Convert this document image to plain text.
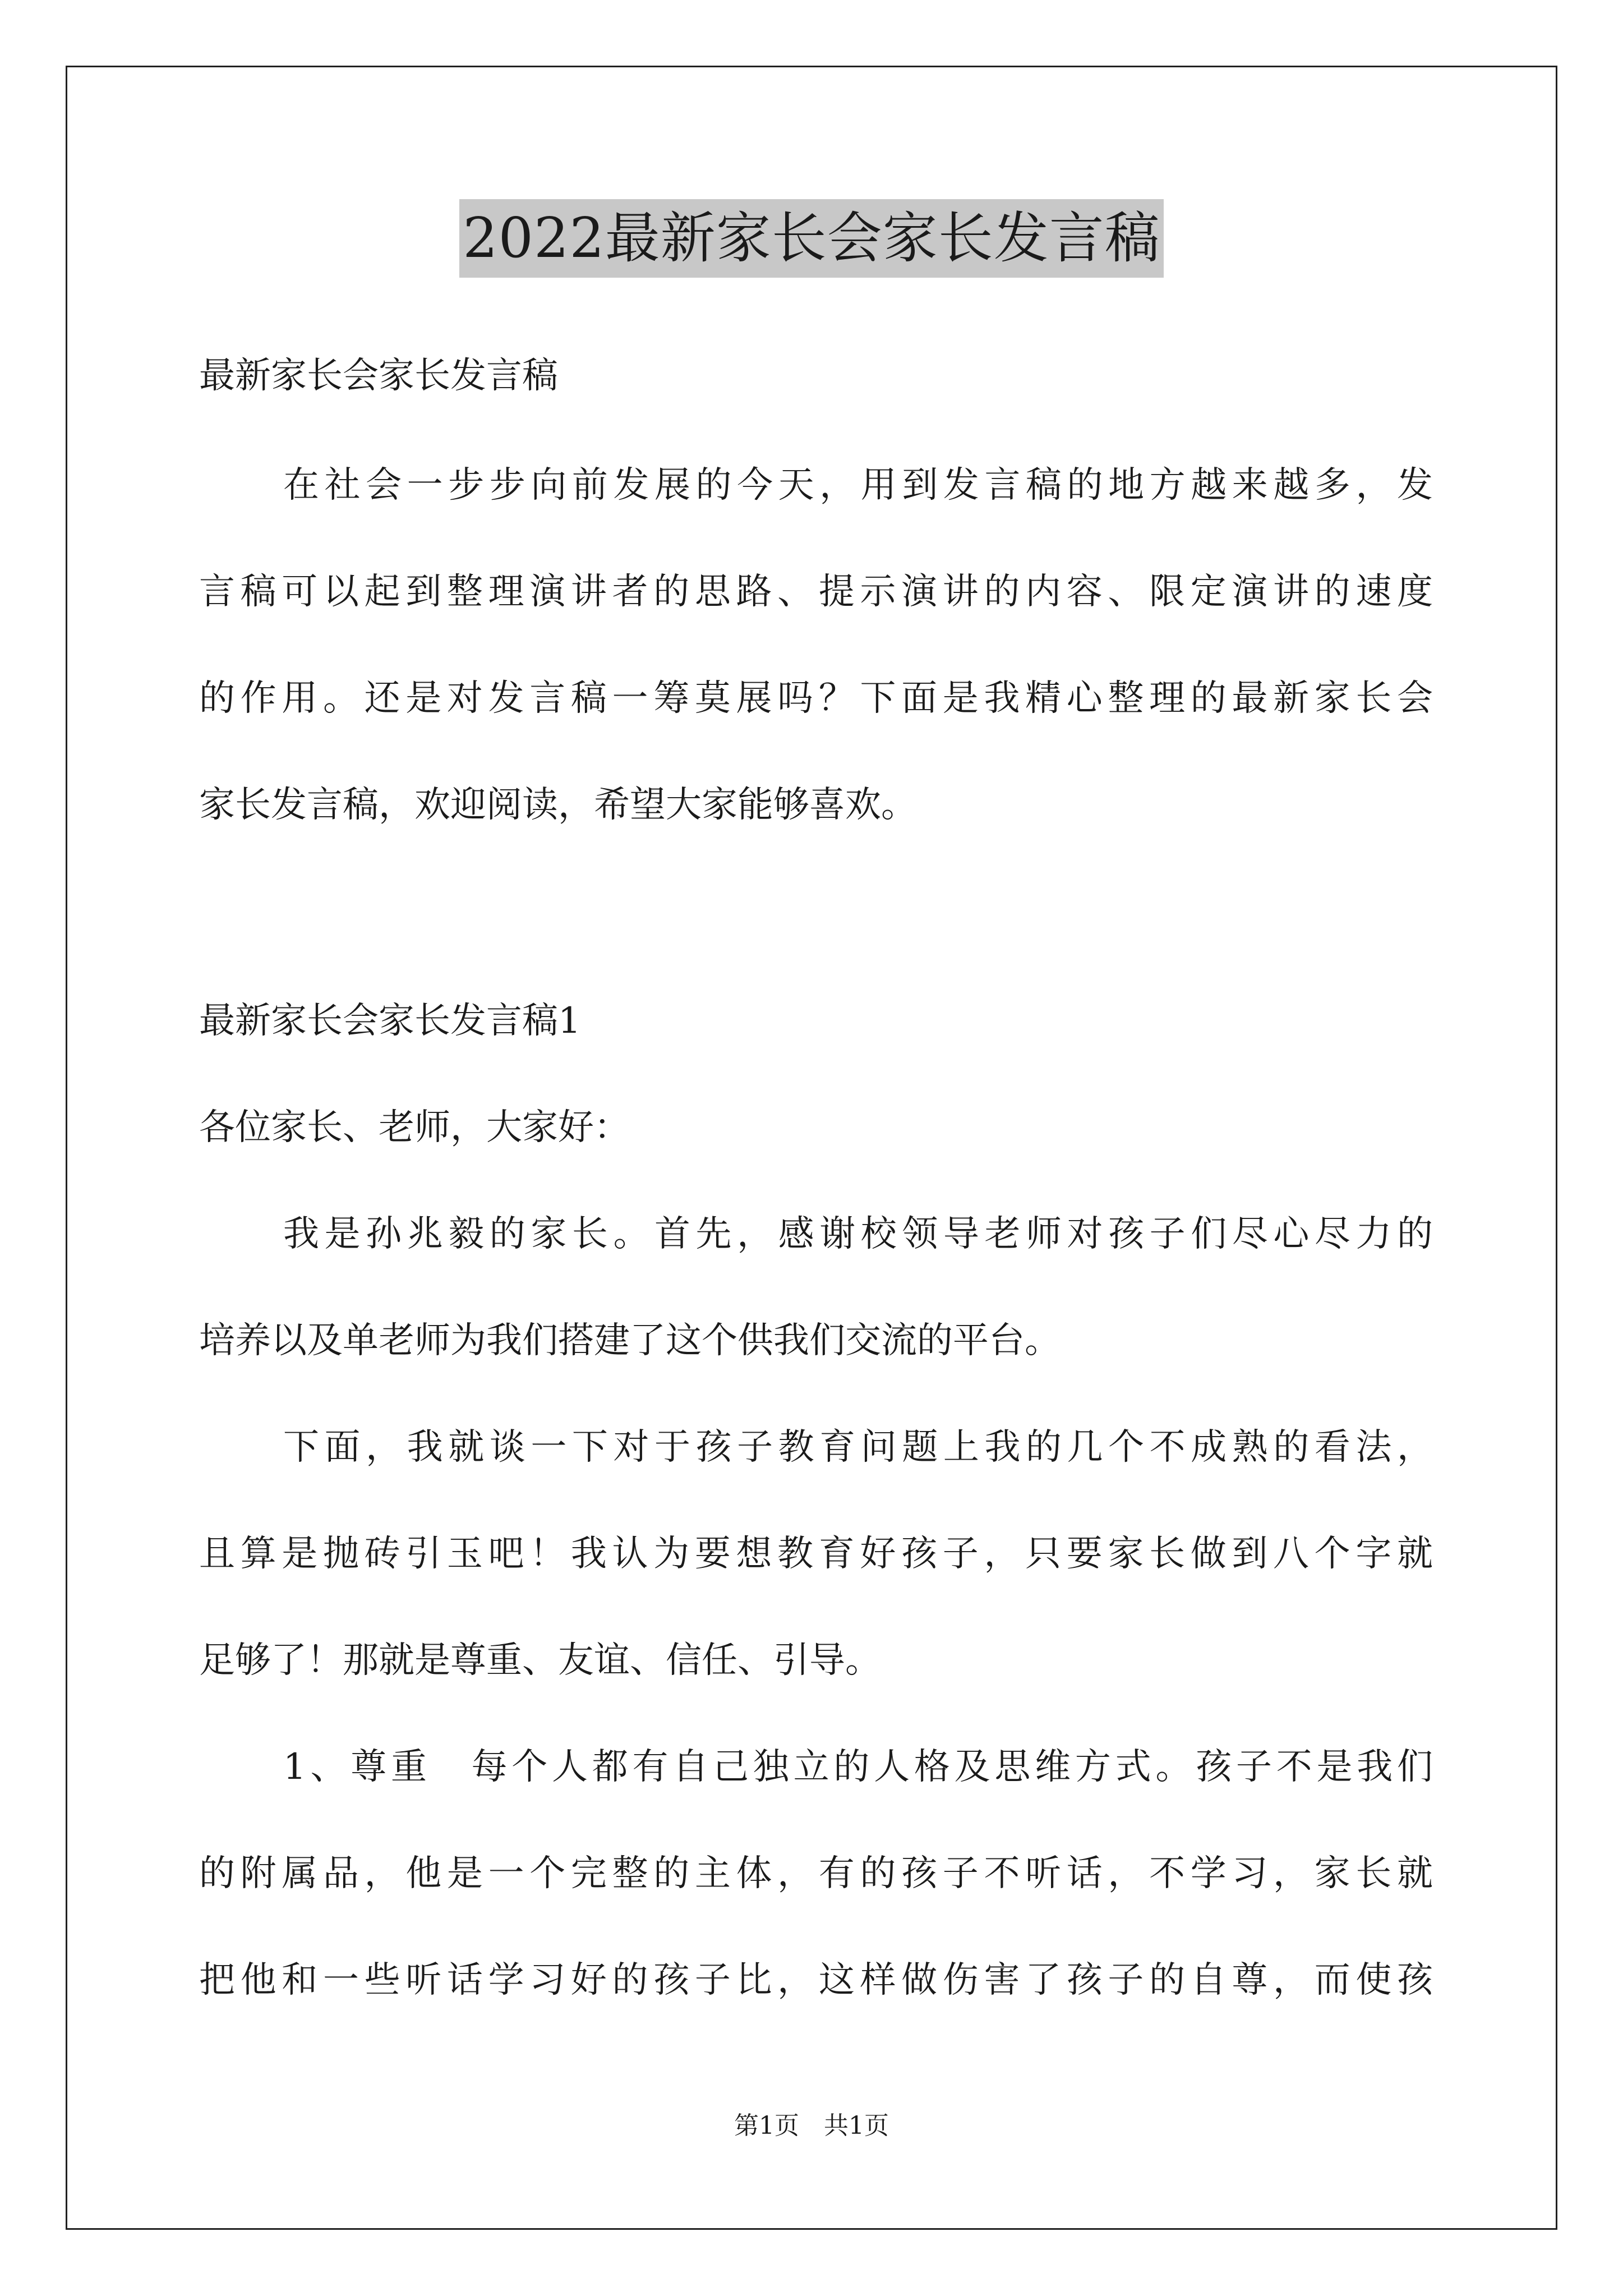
2022最新家长会家长发言稿

最新家长会家长发言稿

在社会一步步向前发展的今天，用到发言稿的地方越来越多，发

言稿可以起到整理演讲者的思路、提示演讲的内容、限定演讲的速度

的作用。还是对发言稿一筹莫展吗？下面是我精心整理的最新家长会

家长发言稿，欢迎阅读，希望大家能够喜欢。

最新家长会家长发言稿1

各位家长、老师，大家好：

我是孙兆毅的家长。首先，感谢校领导老师对孩子们尽心尽力的

培养以及单老师为我们搭建了这个供我们交流的平台。

下面，我就谈一下对于孩子教育问题上我的几个不成熟的看法，

且算是抛砖引玉吧！我认为要想教育好孩子，只要家长做到八个字就

足够了！那就是尊重、友谊、信任、引导。

1、尊重　每个人都有自己独立的人格及思维方式。孩子不是我们

的附属品，他是一个完整的主体，有的孩子不听话，不学习，家长就

把他和一些听话学习好的孩子比，这样做伤害了孩子的自尊，而使孩

第1页　共1页
